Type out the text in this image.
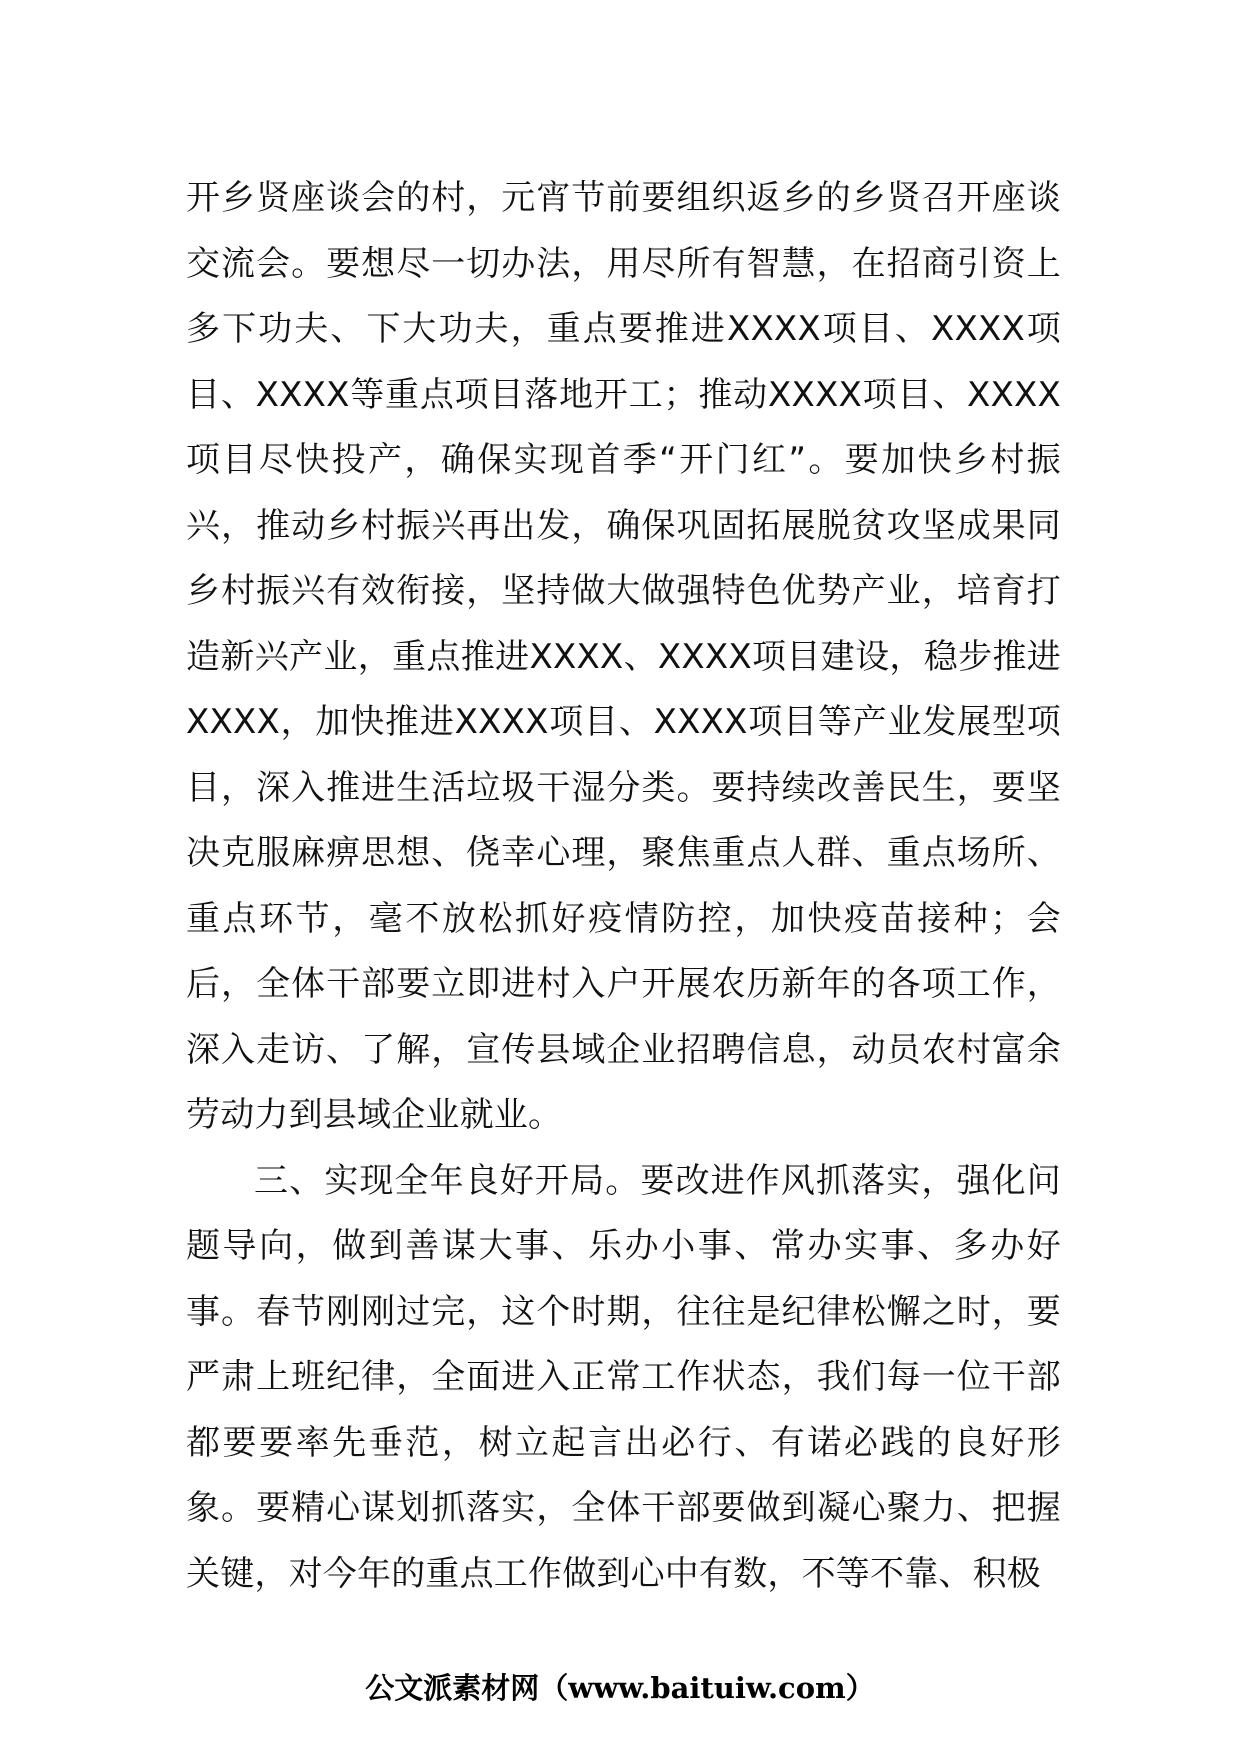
开乡贤座谈会的村，元宵节前要组织返乡的乡贤召开座谈交流会。要想尽一切办法，用尽所有智慧，在招商引资上多下功夫、下大功夫，重点要推进XXXX项目、XXXX项目、XXXX等重点项目落地开工；推动XXXX项目、XXXX项目尽快投产，确保实现首季“开门红”。要加快乡村振兴，推动乡村振兴再出发，确保巩固拓展脱贫攻坚成果同乡村振兴有效衔接，坚持做大做强特色优势产业，培育打造新兴产业，重点推进XXXX、XXXX项目建设，稳步推进XXXX，加快推进XXXX项目、XXXX项目等产业发展型项目，深入推进生活垃圾干湿分类。要持续改善民生，要坚决克服麻痹思想、侥幸心理，聚焦重点人群、重点场所、重点环节，毫不放松抓好疫情防控，加快疫苗接种；会后，全体干部要立即进村入户开展农历新年的各项工作，深入走访、了解，宣传县域企业招聘信息，动员农村富余劳动力到县域企业就业。

三、实现全年良好开局。要改进作风抓落实，强化问题导向，做到善谋大事、乐办小事、常办实事、多办好事。春节刚刚过完，这个时期，往往是纪律松懈之时，要严肃上班纪律，全面进入正常工作状态，我们每一位干部都要要率先垂范，树立起言出必行、有诺必践的良好形象。要精心谋划抓落实，全体干部要做到凝心聚力、把握关键，对今年的重点工作做到心中有数，不等不靠、积极

公文派素材网（www.baituiw.com）
